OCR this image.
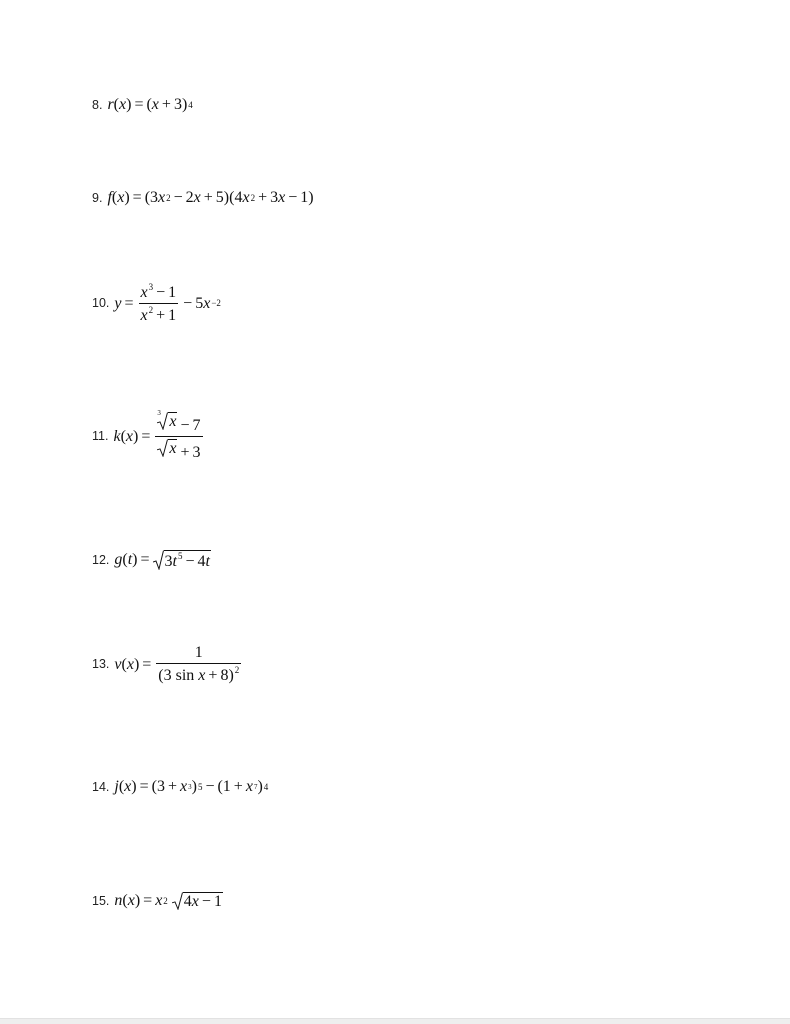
8. r ( x ) = ( x + 3) 4
9. f ( x ) = (3 x 2 − 2 x + 5)(4 x 2 + 3 x − 1)
10. $y = \frac{x^3 - 1}{x^2 + 1} - 5$ x −2
11. k ( x ) = $\frac{3 x - 7}{x + 3}$
12. g ( t ) = $3t^5 - 4t$
13. v ( x ) = $\frac{1}{(3 \sin x + 8)^2}$
14. j ( x ) = (3 + x 3 ) 5 − (1 + x 7 ) 4
15. n ( x ) = x 2
4x − 1
